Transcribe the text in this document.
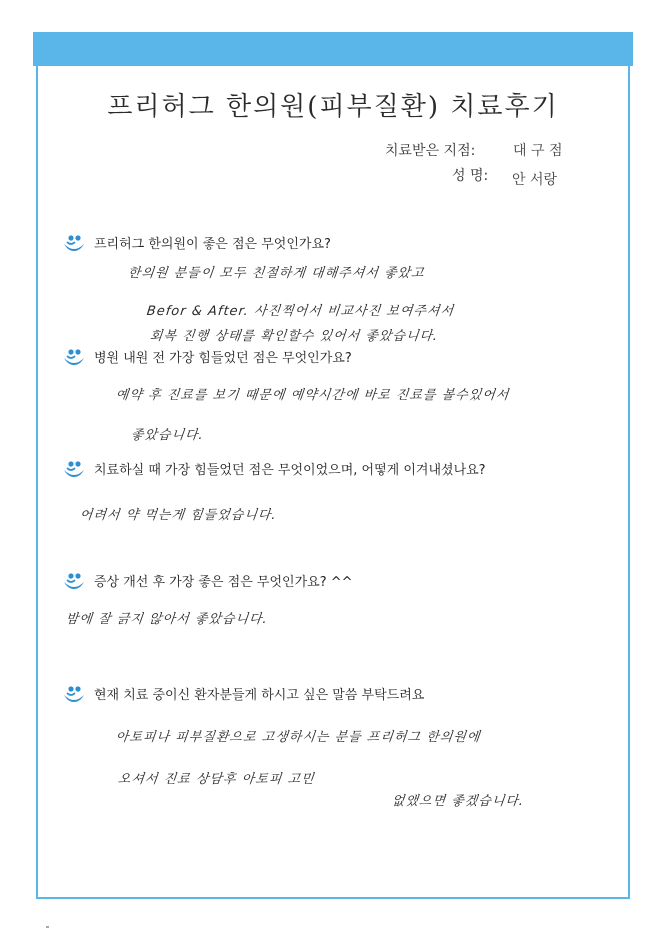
프리허그 한의원(피부질환) 치료후기
치료받은 지점:	대 구 점
성 명: 안 서랑
프리허그 한의원이 좋은 점은 무엇인가요?
한의원 분들이 모두 친절하게 대해주셔서 좋았고
Befor & After. 사진찍어서 비교사진 보여주셔서
회복 진행 상태를 확인할수 있어서 좋았습니다.
병원 내원 전 가장 힘들었던 점은 무엇인가요?
예약 후 진료를 보기 때문에 예약시간에 바로 진료를 볼수있어서
좋았습니다.
치료하실 때 가장 힘들었던 점은 무엇이었으며, 어떻게 이겨내셨나요?
어려서 약 먹는게 힘들었습니다.
증상 개선 후 가장 좋은 점은 무엇인가요? ^^
밤에 잘 긁지 않아서 좋았습니다.
현재 치료 중이신 환자분들게 하시고 싶은 말씀 부탁드려요
아토피나 피부질환으로 고생하시는 분들 프리허그 한의원에
오셔서 진료 상담후 아토피 고민
없앴으면 좋겠습니다.
